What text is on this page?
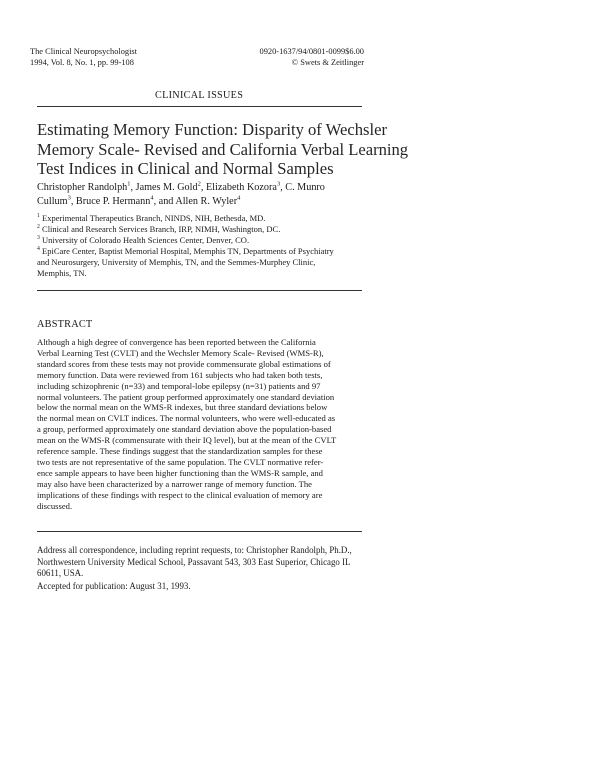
The Clinical Neuropsychologist
1994, Vol. 8, No. 1, pp. 99-108
0920-1637/94/0801-0099$6.00
© Swets & Zeitlinger
CLINICAL ISSUES
Estimating Memory Function: Disparity of Wechsler
Memory Scale- Revised and California Verbal Learning
Test Indices in Clinical and Normal Samples
Christopher Randolph$^1$, James M. Gold$^2$, Elizabeth Kozora$^3$, C. Munro
Cullum$^3$, Bruce P. Hermann$^4$, and Allen R. Wyler$^4$
$^1$ Experimental Therapeutics Branch, NINDS, NIH, Bethesda, MD.
$^2$ Clinical and Research Services Branch, IRP, NIMH, Washington, DC.
$^3$ University of Colorado Health Sciences Center, Denver, CO.
$^4$ EpiCare Center, Baptist Memorial Hospital, Memphis TN, Departments of Psychiatry
and Neurosurgery, University of Memphis, TN, and the Semmes-Murphey Clinic,
Memphis, TN.
ABSTRACT
Although a high degree of convergence has been reported between the California
Verbal Learning Test (CVLT) and the Wechsler Memory Scale- Revised (WMS-R),
standard scores from these tests may not provide commensurate global estimations of
memory function. Data were reviewed from 161 subjects who had taken both tests,
including schizophrenic (n=33) and temporal-lobe epilepsy (n=31) patients and 97
normal volunteers. The patient group performed approximately one standard deviation
below the normal mean on the WMS-R indexes, but three standard deviations below
the normal mean on CVLT indices. The normal volunteers, who were well-educated as
a group, performed approximately one standard deviation above the population-based
mean on the WMS-R (commensurate with their IQ level), but at the mean of the CVLT
reference sample. These findings suggest that the standardization samples for these
two tests are not representative of the same population. The CVLT normative refer-
ence sample appears to have been higher functioning than the WMS-R sample, and
may also have been characterized by a narrower range of memory function. The
implications of these findings with respect to the clinical evaluation of memory are
discussed.
Address all correspondence, including reprint requests, to: Christopher Randolph, Ph.D.,
Northwestern University Medical School, Passavant 543, 303 East Superior, Chicago IL
60611, USA.
Accepted for publication: August 31, 1993.
